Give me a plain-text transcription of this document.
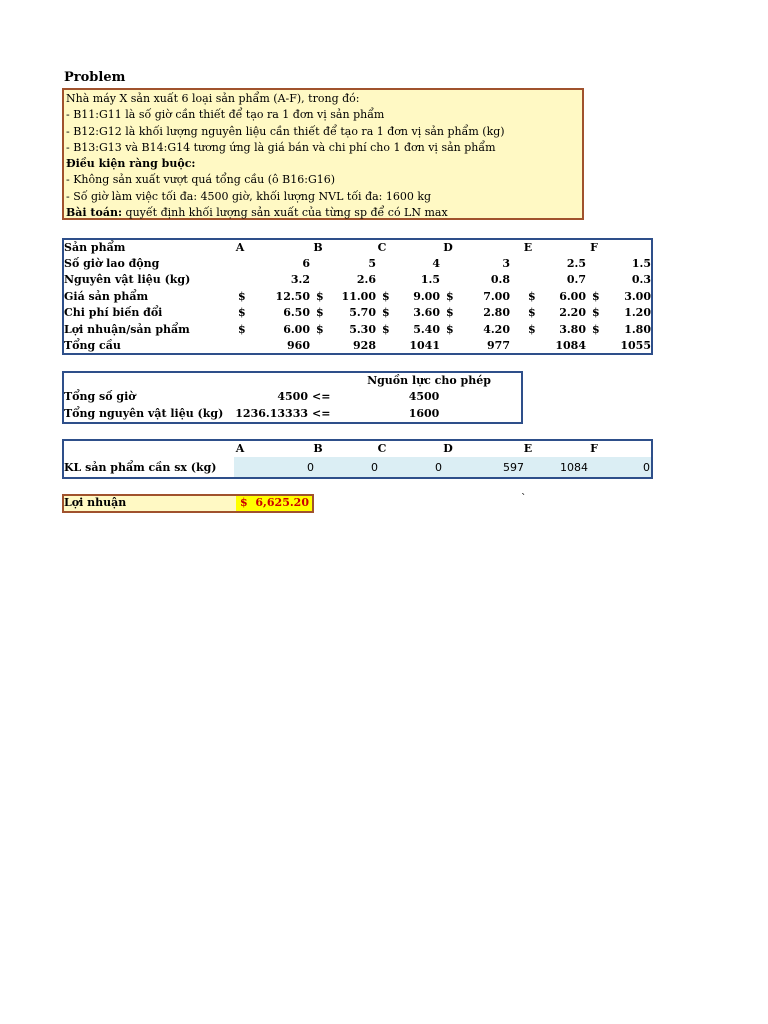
Problem
Nhà máy X sản xuất 6 loại sản phẩm (A-F), trong đó:
- B11:G11 là số giờ cần thiết để tạo ra 1 đơn vị sản phẩm
- B12:G12 là khối lượng nguyên liệu cần thiết để tạo ra 1 đơn vị sản phẩm (kg)
- B13:G13 và B14:G14 tương ứng là giá bán và chi phí cho 1 đơn vị sản phẩm
Điều kiện ràng buộc:
- Không sản xuất vượt quá tổng cầu (ô B16:G16)
- Số giờ làm việc tối đa: 4500 giờ, khối lượng NVL tối đa: 1600 kg
Bài toán: quyết định khối lượng sản xuất của từng sp để có LN max
Sản phẩm	A	B	C	D	E	F
Số giờ lao động	6	5	4	3	2.5	1.5
Nguyên vật liệu (kg)	3.2	2.6	1.5	0.8	0.7	0.3
Giá sản phẩm	$	12.50 $	11.00 $	9.00 $	7.00 $	6.00 $	3.00
Chi phí biến đổi	$	6.50 $	5.70 $	3.60 $	2.80 $	2.20 $	1.20
Lợi nhuận/sản phẩm	$	6.00 $	5.30 $	5.40 $	4.20 $	3.80 $	1.80
Tổng cầu	960	928	1041	977	1084	1055
Nguồn lực cho phép
Tổng số giờ	4500 <=	4500
Tổng nguyên vật liệu (kg)	1236.13333 <=	1600
A	B	C	D	E	F
KL sản phẩm cần sx (kg)	0	0	0	597	1084	0
Lợi nhuận	$ 6,625.20	`
